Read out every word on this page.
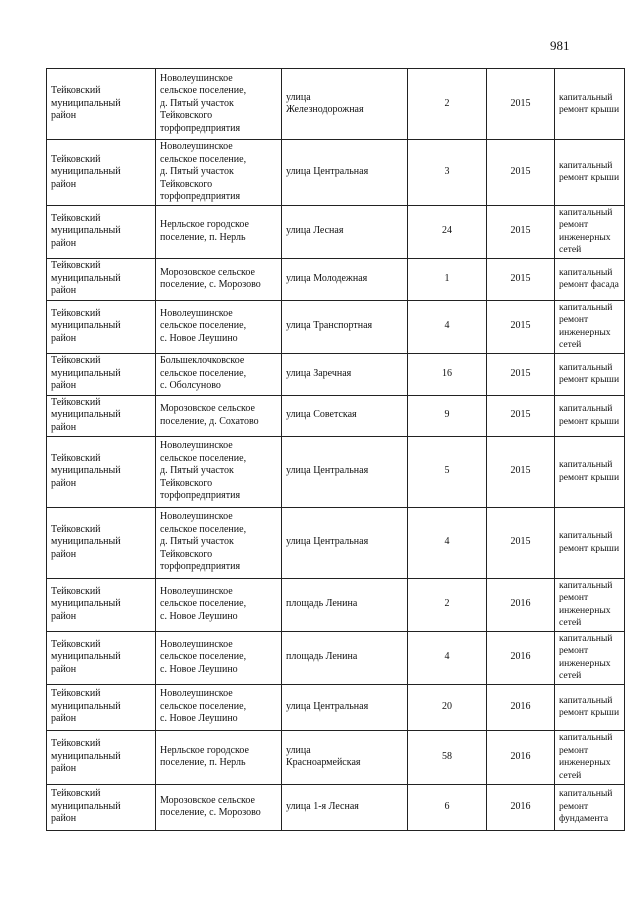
981
Тейковский
муниципальный
район	Новолеушинское
сельское поселение,
д. Пятый участок
Тейковского
торфопредприятия	улица
Железнодорожная	2	2015	капитальный
ремонт крыши
Тейковский
муниципальный
район	Новолеушинское
сельское поселение,
д. Пятый участок
Тейковского
торфопредприятия	улица Центральная	3	2015	капитальный
ремонт крыши
Тейковский
муниципальный
район	Нерльское городское
поселение, п. Нерль	улица Лесная	24	2015	капитальный
ремонт
инженерных
сетей
Тейковский
муниципальный
район	Морозовское сельское
поселение, с. Морозово	улица Молодежная	1	2015	капитальный
ремонт фасада
Тейковский
муниципальный
район	Новолеушинское
сельское поселение,
с. Новое Леушино	улица Транспортная	4	2015	капитальный
ремонт
инженерных
сетей
Тейковский
муниципальный
район	Большеклочковское
сельское поселение,
с. Оболсуново	улица Заречная	16	2015	капитальный
ремонт крыши
Тейковский
муниципальный
район	Морозовское сельское
поселение, д. Сохатово	улица Советская	9	2015	капитальный
ремонт крыши
Тейковский
муниципальный
район	Новолеушинское
сельское поселение,
д. Пятый участок
Тейковского
торфопредприятия	улица Центральная	5	2015	капитальный
ремонт крыши
Тейковский
муниципальный
район	Новолеушинское
сельское поселение,
д. Пятый участок
Тейковского
торфопредприятия	улица Центральная	4	2015	капитальный
ремонт крыши
Тейковский
муниципальный
район	Новолеушинское
сельское поселение,
с. Новое Леушино	площадь Ленина	2	2016	капитальный
ремонт
инженерных
сетей
Тейковский
муниципальный
район	Новолеушинское
сельское поселение,
с. Новое Леушино	площадь Ленина	4	2016	капитальный
ремонт
инженерных
сетей
Тейковский
муниципальный
район	Новолеушинское
сельское поселение,
с. Новое Леушино	улица Центральная	20	2016	капитальный
ремонт крыши
Тейковский
муниципальный
район	Нерльское городское
поселение, п. Нерль	улица
Красноармейская	58	2016	капитальный
ремонт
инженерных
сетей
Тейковский
муниципальный
район	Морозовское сельское
поселение, с. Морозово	улица 1-я Лесная	6	2016	капитальный
ремонт
фундамента
